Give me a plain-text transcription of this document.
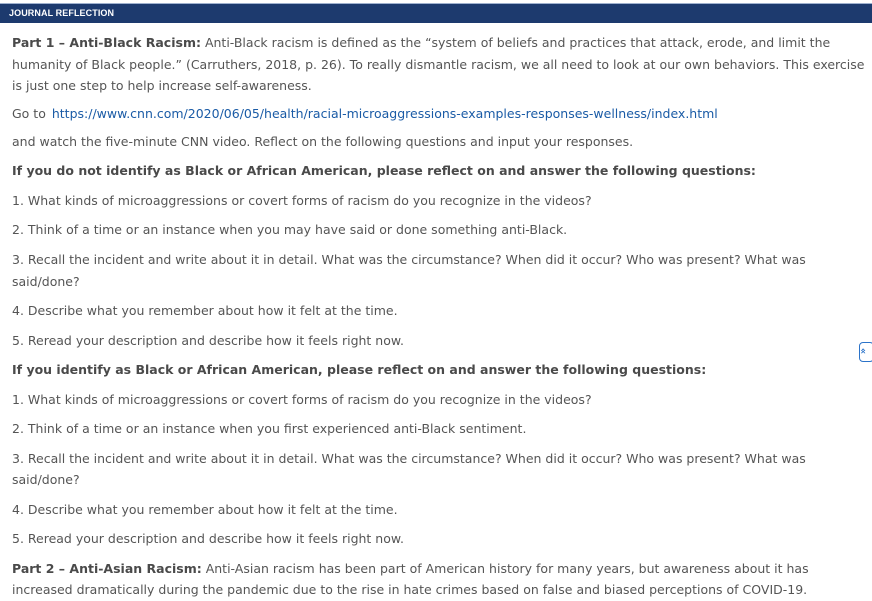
JOURNAL REFLECTION

Part 1 – Anti-Black Racism: Anti-Black racism is defined as the “system of beliefs and practices that attack, erode, and limit the humanity of Black people.” (Carruthers, 2018, p. 26). To really dismantle racism, we all need to look at our own behaviors. This exercise is just one step to help increase self-awareness.

Go to https://www.cnn.com/2020/06/05/health/racial-microaggressions-examples-responses-wellness/index.html

and watch the five-minute CNN video. Reflect on the following questions and input your responses.

If you do not identify as Black or African American, please reflect on and answer the following questions:

1. What kinds of microaggressions or covert forms of racism do you recognize in the videos?

2. Think of a time or an instance when you may have said or done something anti-Black.

3. Recall the incident and write about it in detail. What was the circumstance? When did it occur? Who was present? What was said/done?

4. Describe what you remember about how it felt at the time.

5. Reread your description and describe how it feels right now.

If you identify as Black or African American, please reflect on and answer the following questions:

1. What kinds of microaggressions or covert forms of racism do you recognize in the videos?

2. Think of a time or an instance when you first experienced anti-Black sentiment.

3. Recall the incident and write about it in detail. What was the circumstance? When did it occur? Who was present? What was said/done?

4. Describe what you remember about how it felt at the time.

5. Reread your description and describe how it feels right now.

Part 2 – Anti-Asian Racism: Anti-Asian racism has been part of American history for many years, but awareness about it has increased dramatically during the pandemic due to the rise in hate crimes based on false and biased perceptions of COVID-19.

»
